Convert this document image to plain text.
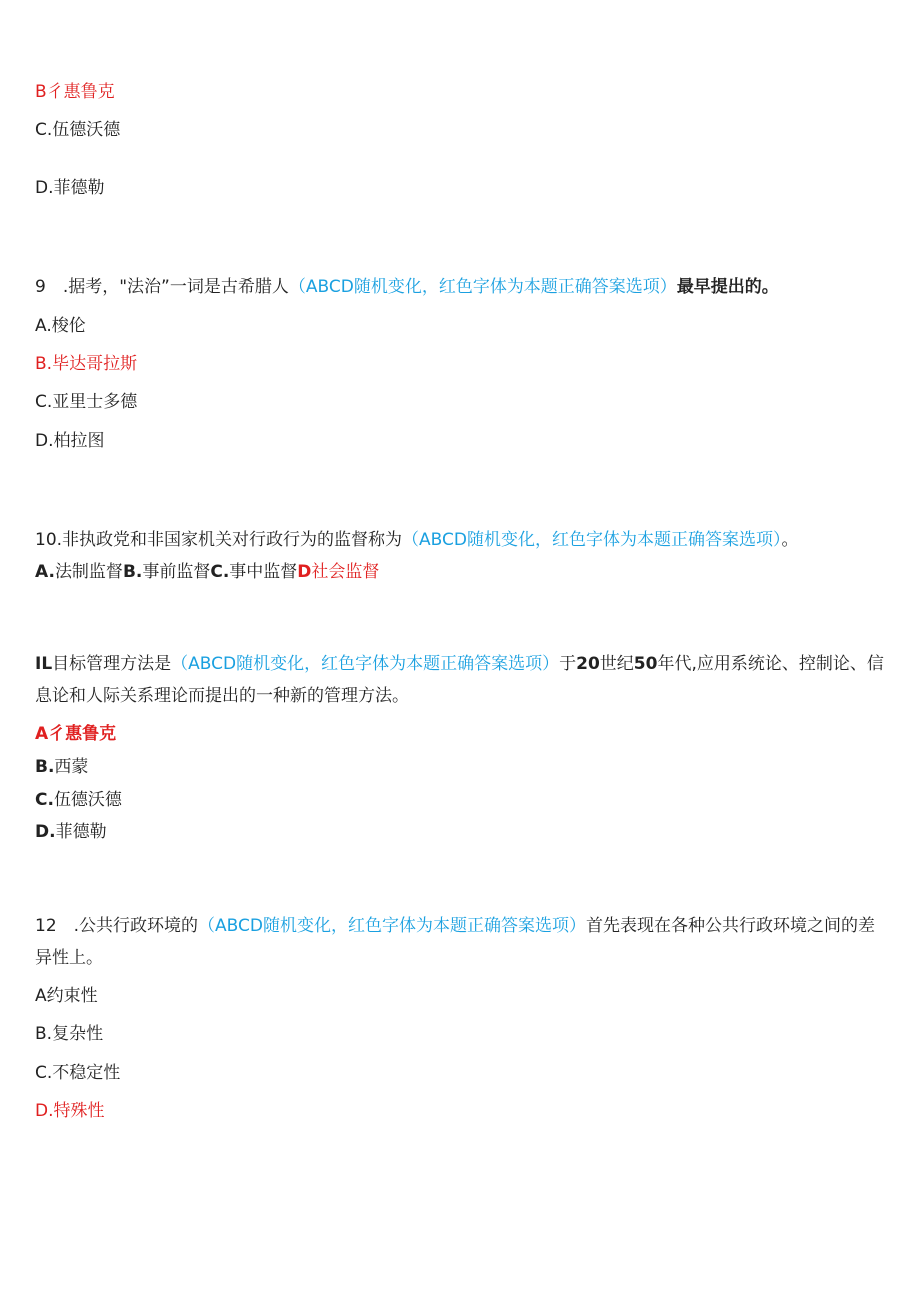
B彳惠鲁克
C.伍德沃德
D.菲德勒
9　.据考，"法治”一词是古希腊人（ABCD随机变化，红色字体为本题正确答案选项）最早提出的。
A.梭伦
B.毕达哥拉斯
C.亚里士多德
D.柏拉图
10.非执政党和非国家机关对行政行为的监督称为（ABCD随机变化，红色字体为本题正确答案选项）。
A.法制监督B.事前监督C.事中监督D社会监督
IL目标管理方法是（ABCD随机变化，红色字体为本题正确答案选项）于20世纪50年代,应用系统论、控制论、信息论和人际关系理论而提出的一种新的管理方法。
A彳惠鲁克
B.西蒙
C.伍德沃德
D.菲德勒
12　.公共行政环境的（ABCD随机变化，红色字体为本题正确答案选项）首先表现在各种公共行政环境之间的差异性上。
A约束性
B.复杂性
C.不稳定性
D.特殊性
